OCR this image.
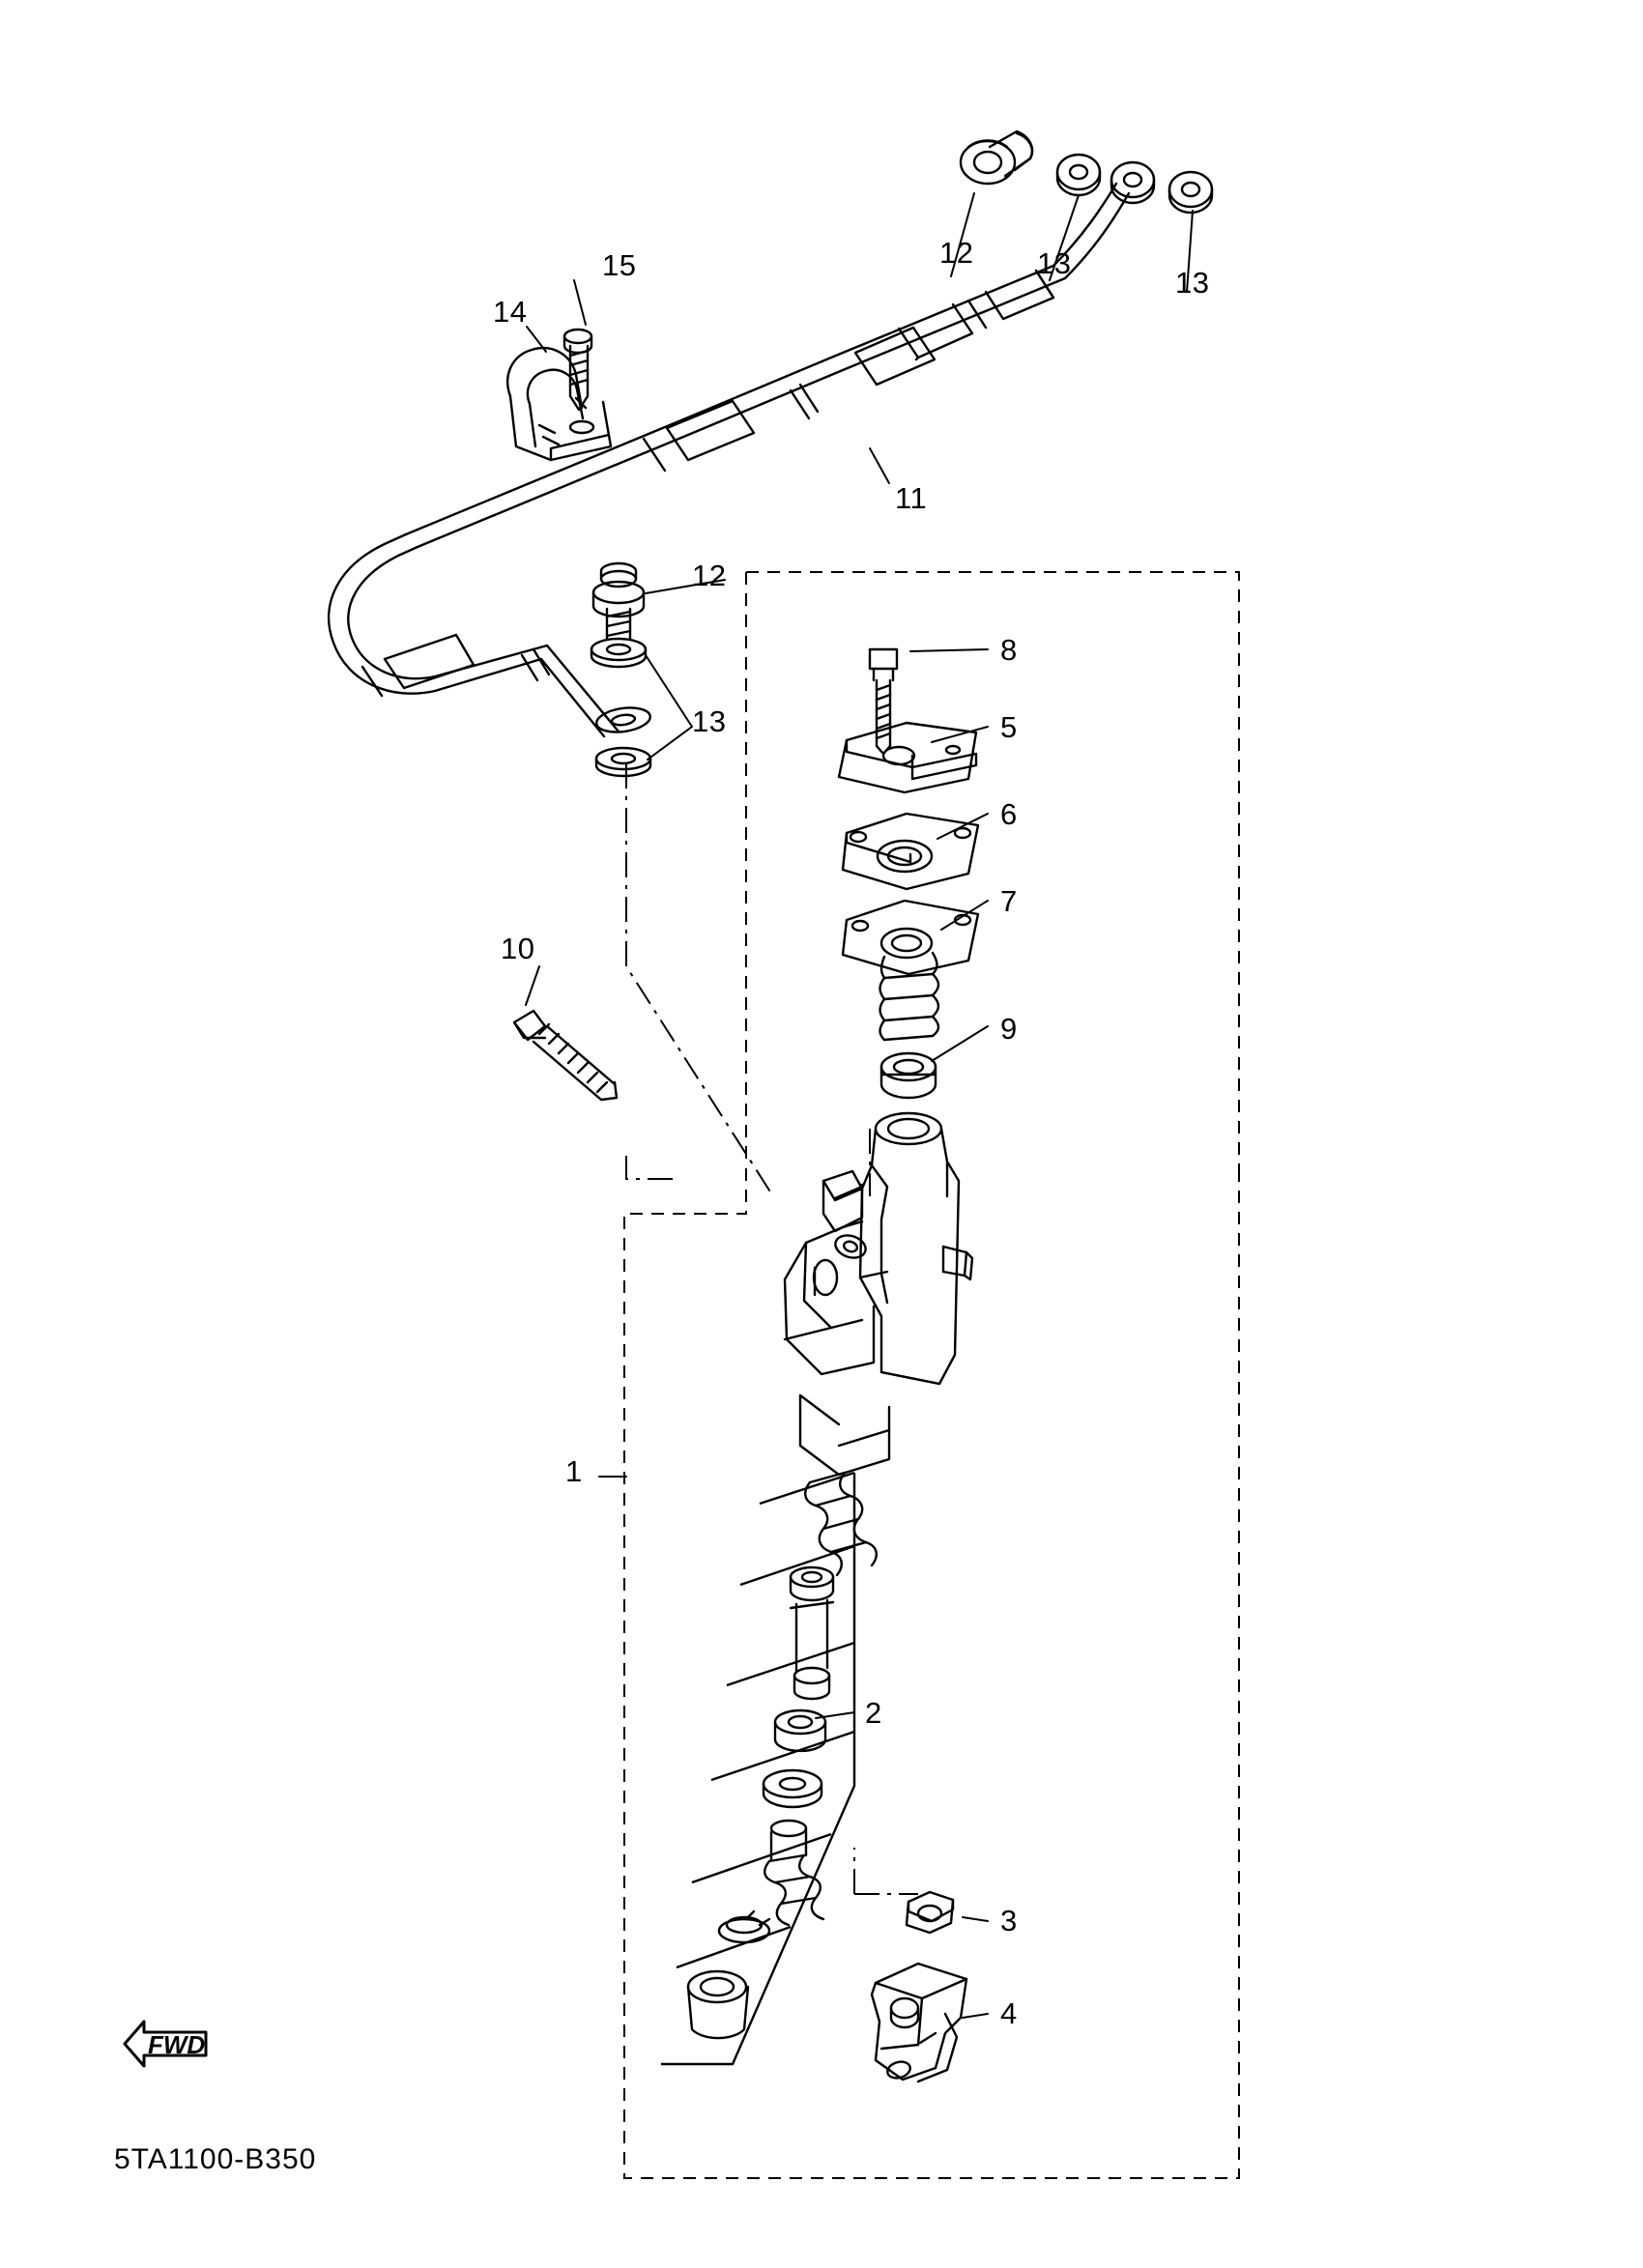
1
2
3
4
5
6
7
8
9
10
11
12
12
13
13
13
14
15
FWD
5TA1100-B350
